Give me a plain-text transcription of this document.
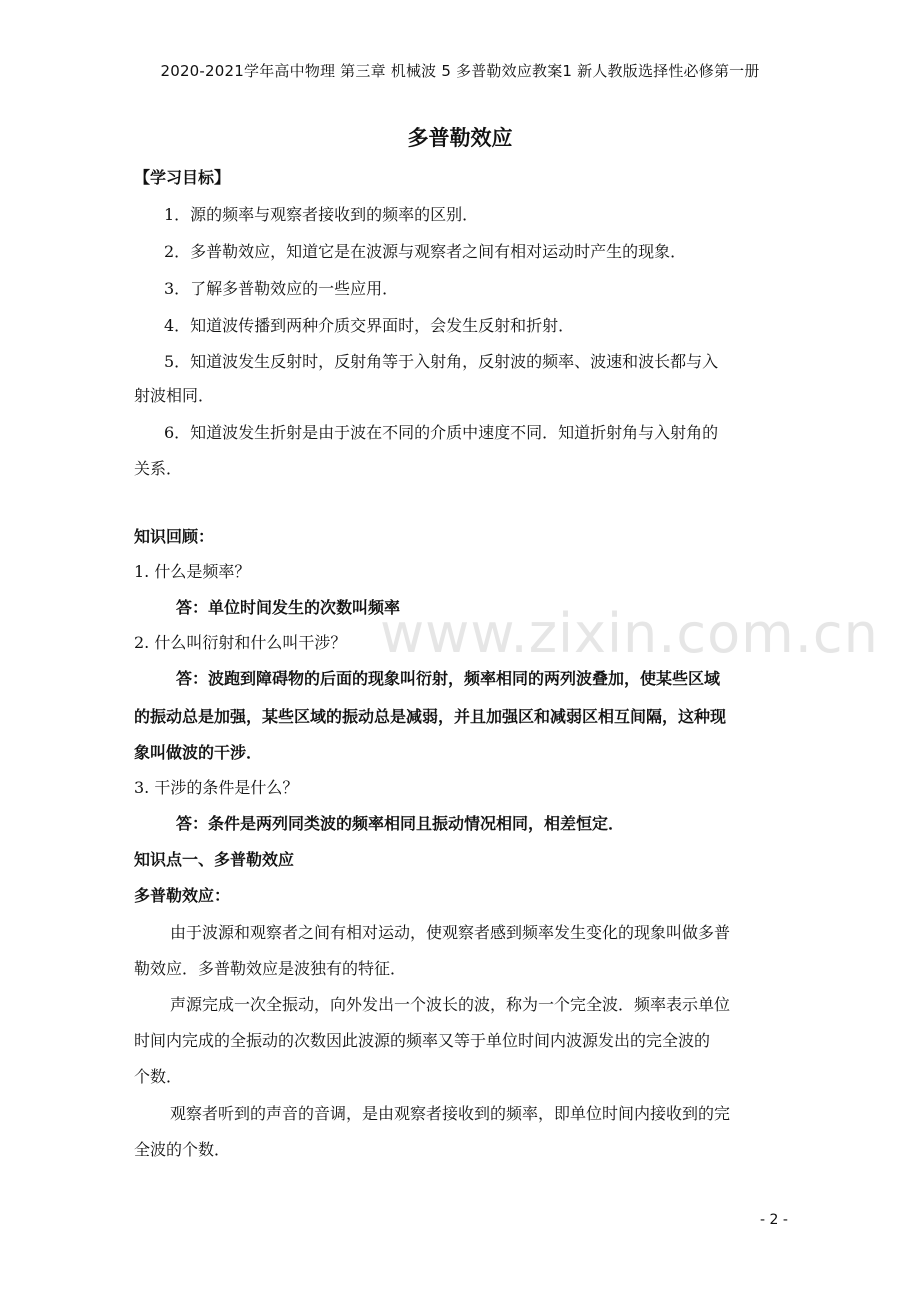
2020-2021学年高中物理 第三章 机械波 5 多普勒效应教案1 新人教版选择性必修第一册
多普勒效应
【学习目标】
1．源的频率与观察者接收到的频率的区别．
2．多普勒效应，知道它是在波源与观察者之间有相对运动时产生的现象．
3．了解多普勒效应的一些应用．
4．知道波传播到两种介质交界面时，会发生反射和折射．
5．知道波发生反射时，反射角等于入射角，反射波的频率、波速和波长都与入
射波相同．
6．知道波发生折射是由于波在不同的介质中速度不同．知道折射角与入射角的
关系．
知识回顾：
1. 什么是频率？
答：单位时间发生的次数叫频率
2. 什么叫衍射和什么叫干涉？
答：波跑到障碍物的后面的现象叫衍射，频率相同的两列波叠加，使某些区域
的振动总是加强，某些区域的振动总是减弱，并且加强区和减弱区相互间隔，这种现
象叫做波的干涉．
3. 干涉的条件是什么？
答：条件是两列同类波的频率相同且振动情况相同，相差恒定．
知识点一、多普勒效应
多普勒效应：
由于波源和观察者之间有相对运动，使观察者感到频率发生变化的现象叫做多普
勒效应．多普勒效应是波独有的特征．
声源完成一次全振动，向外发出一个波长的波，称为一个完全波．频率表示单位
时间内完成的全振动的次数因此波源的频率又等于单位时间内波源发出的完全波的
个数．
观察者听到的声音的音调，是由观察者接收到的频率，即单位时间内接收到的完
全波的个数．
www.zixin.com.cn
- 2 -
